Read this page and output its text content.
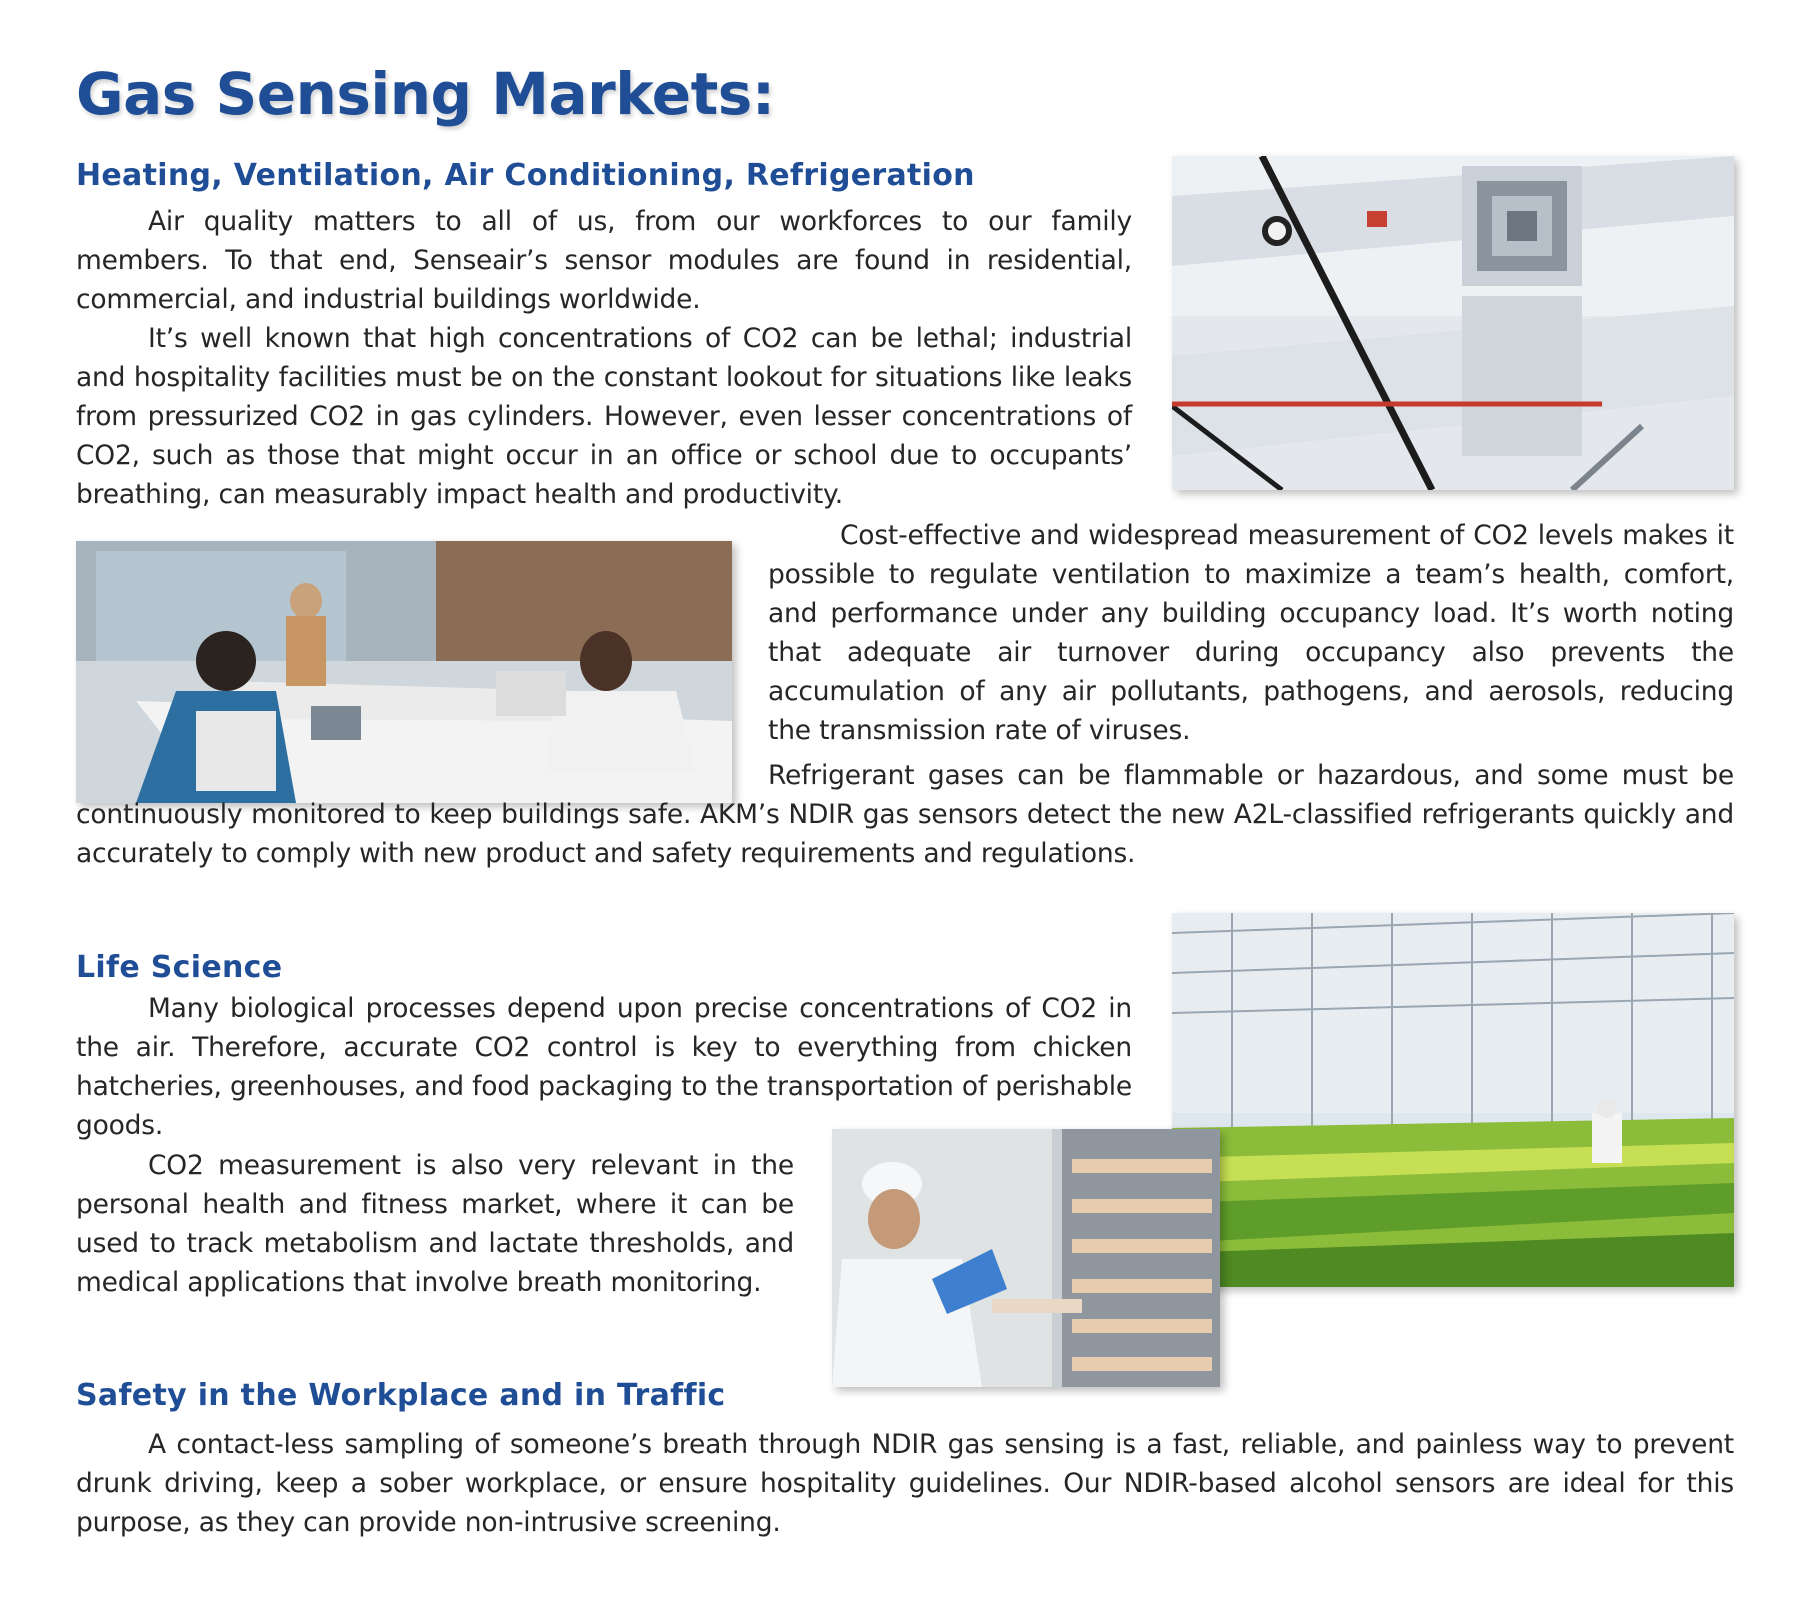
Gas Sensing Markets:
Heating, Ventilation, Air Conditioning, Refrigeration

Air quality matters to all of us, from our workforces to our family members. To that end, Senseair’s sensor modules are found in residential, commercial, and industrial buildings worldwide.

It’s well known that high concentrations of CO2 can be lethal; industrial and hospitality facilities must be on the constant lookout for situations like leaks from pressurized CO2 in gas cylinders. However, even lesser concentrations of CO2, such as those that might occur in an office or school due to occupants’ breathing, can measurably impact health and productivity.

Cost-effective and widespread measurement of CO2 levels makes it possible to regulate ventilation to maximize a team’s health, comfort, and performance under any building occupancy load. It’s worth noting that adequate air turnover during occupancy also prevents the accumulation of any air pollutants, pathogens, and aerosols, reducing the transmission rate of viruses.

Refrigerant gases can be flammable or hazardous, and some must be continuously monitored to keep buildings safe. AKM’s NDIR gas sensors detect the new A2L-classified refrigerants quickly and accurately to comply with new product and safety requirements and regulations.

Life Science

Many biological processes depend upon precise concentrations of CO2 in the air. Therefore, accurate CO2 control is key to everything from chicken hatcheries, greenhouses, and food packaging to the transportation of perishable goods.

CO2 measurement is also very relevant in the personal health and fitness market, where it can be used to track metabolism and lactate thresholds, and medical applications that involve breath monitoring.

Safety in the Workplace and in Traffic

A contact-less sampling of someone’s breath through NDIR gas sensing is a fast, reliable, and painless way to prevent drunk driving, keep a sober workplace, or ensure hospitality guidelines. Our NDIR-based alcohol sensors are ideal for this purpose, as they can provide non-intrusive screening.
